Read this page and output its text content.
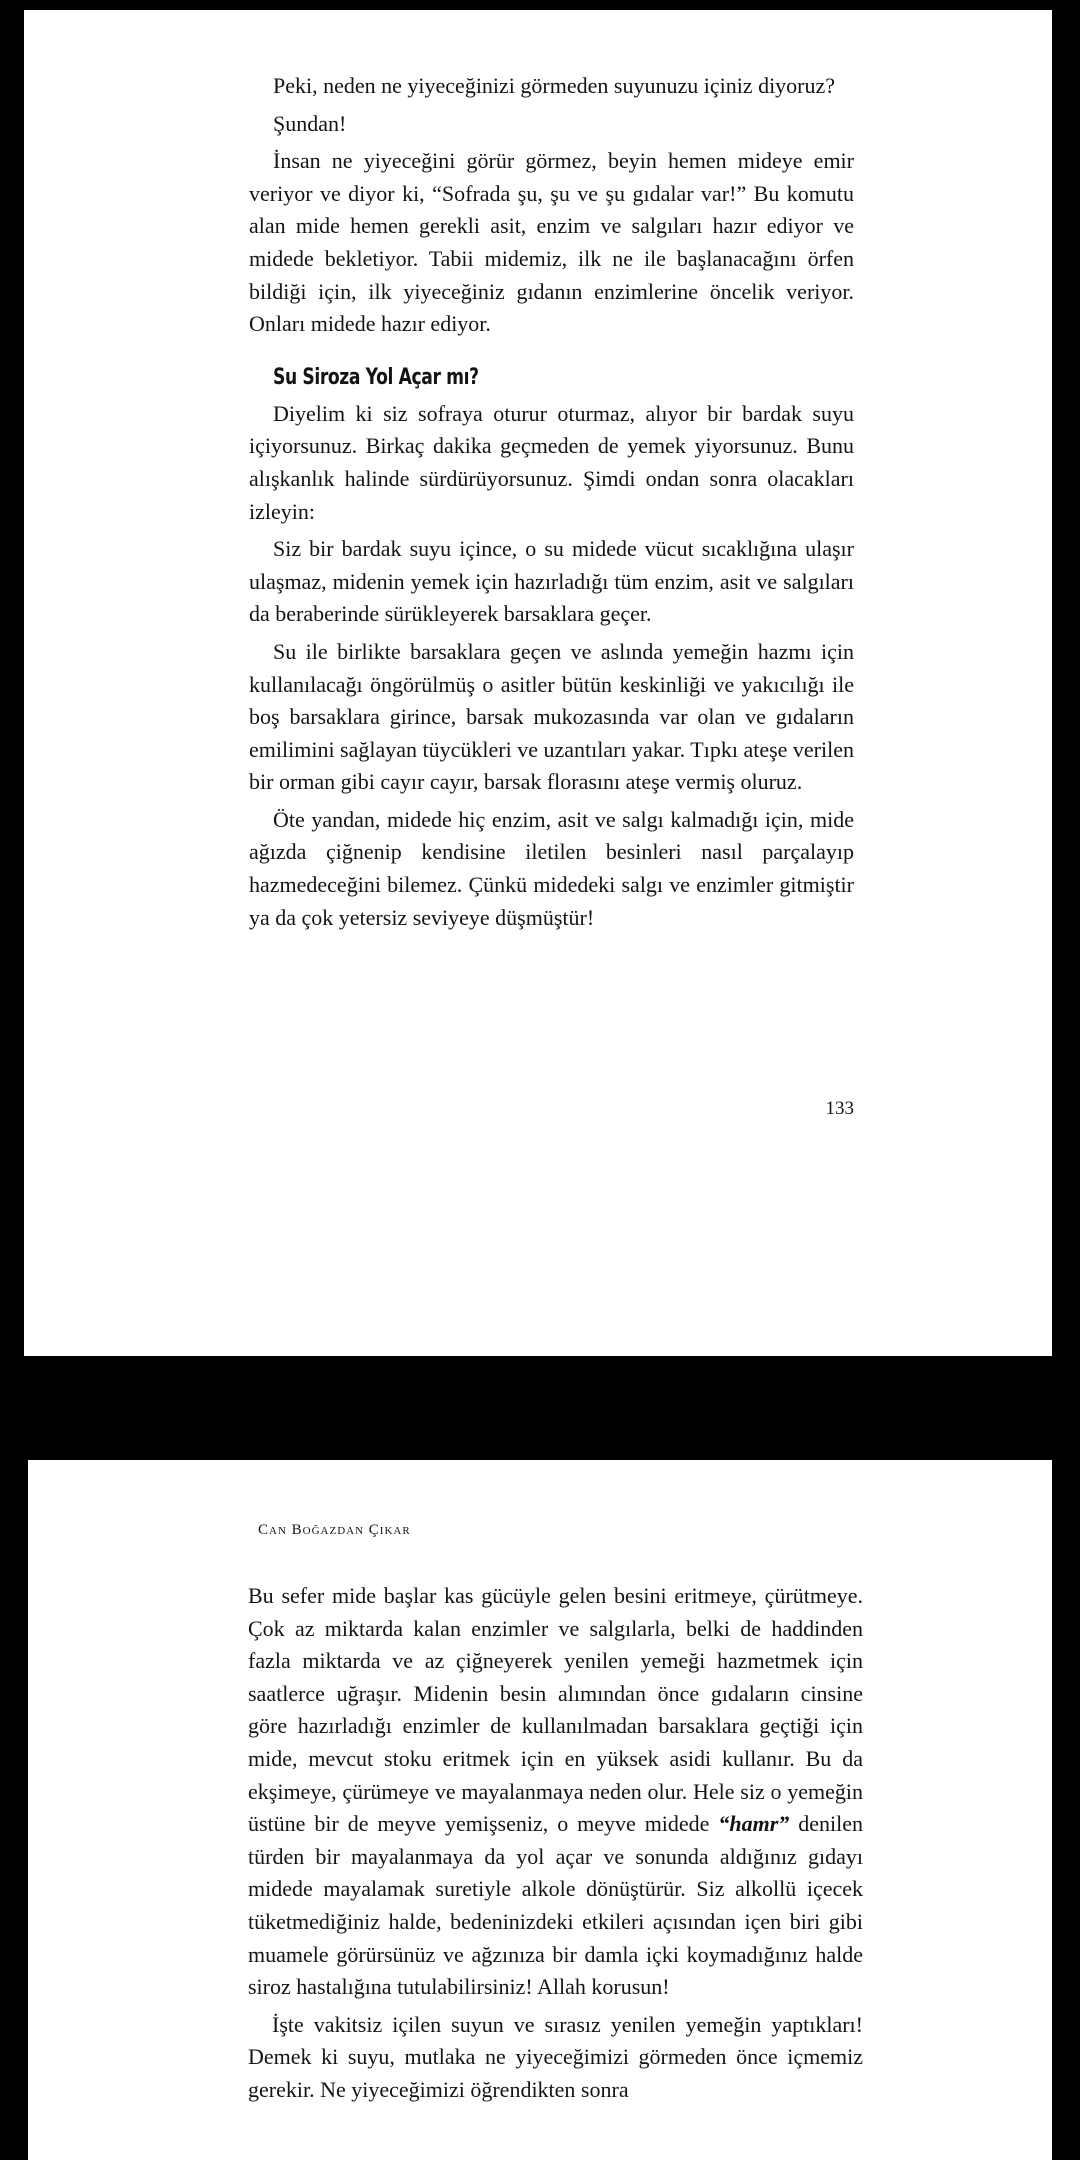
Peki, neden ne yiyeceğinizi görmeden suyunuzu içiniz diyoruz?

Şundan!

İnsan ne yiyeceğini görür görmez, beyin hemen mideye emir veriyor ve diyor ki, “Sofrada şu, şu ve şu gıdalar var!” Bu komutu alan mide hemen gerekli asit, enzim ve salgıları hazır ediyor ve midede bekletiyor. Tabii midemiz, ilk ne ile başlanacağını örfen bildiği için, ilk yiyeceğiniz gıdanın enzimlerine öncelik veriyor. Onları midede hazır ediyor.

Su Siroza Yol Açar mı?

Diyelim ki siz sofraya oturur oturmaz, alıyor bir bardak suyu içiyorsunuz. Birkaç dakika geçmeden de yemek yiyorsunuz. Bunu alışkanlık halinde sürdürüyorsunuz. Şimdi ondan sonra olacakları izleyin:

Siz bir bardak suyu içince, o su midede vücut sıcaklığına ulaşır ulaşmaz, midenin yemek için hazırladığı tüm enzim, asit ve salgıları da beraberinde sürükleyerek barsaklara geçer.

Su ile birlikte barsaklara geçen ve aslında yemeğin hazmı için kullanılacağı öngörülmüş o asitler bütün keskinliği ve yakıcılığı ile boş barsaklara girince, barsak mukozasında var olan ve gıdaların emilimini sağlayan tüycükleri ve uzantıları yakar. Tıpkı ateşe verilen bir orman gibi cayır cayır, barsak florasını ateşe vermiş oluruz.

Öte yandan, midede hiç enzim, asit ve salgı kalmadığı için, mide ağızda çiğnenip kendisine iletilen besinleri nasıl parçalayıp hazmedeceğini bilemez. Çünkü midedeki salgı ve enzimler gitmiştir ya da çok yetersiz seviyeye düşmüştür!

133
Can Boğazdan Çıkar

Bu sefer mide başlar kas gücüyle gelen besini eritmeye, çürütmeye. Çok az miktarda kalan enzimler ve salgılarla, belki de haddinden fazla miktarda ve az çiğneyerek yenilen yemeği hazmetmek için saatlerce uğraşır. Midenin besin alımından önce gıdaların cinsine göre hazırladığı enzimler de kullanılmadan barsaklara geçtiği için mide, mevcut stoku eritmek için en yüksek asidi kullanır. Bu da ekşimeye, çürümeye ve mayalanmaya neden olur. Hele siz o yemeğin üstüne bir de meyve yemişseniz, o meyve midede “hamr” denilen türden bir mayalanmaya da yol açar ve sonunda aldığınız gıdayı midede mayalamak suretiyle alkole dönüştürür. Siz alkollü içecek tüketmediğiniz halde, bedeninizdeki etkileri açısından içen biri gibi muamele görürsünüz ve ağzınıza bir damla içki koymadığınız halde siroz hastalığına tutulabilirsiniz! Allah korusun!

İşte vakitsiz içilen suyun ve sırasız yenilen yemeğin yaptıkları! Demek ki suyu, mutlaka ne yiyeceğimizi görmeden önce içmemiz gerekir. Ne yiyeceğimizi öğrendikten sonra
